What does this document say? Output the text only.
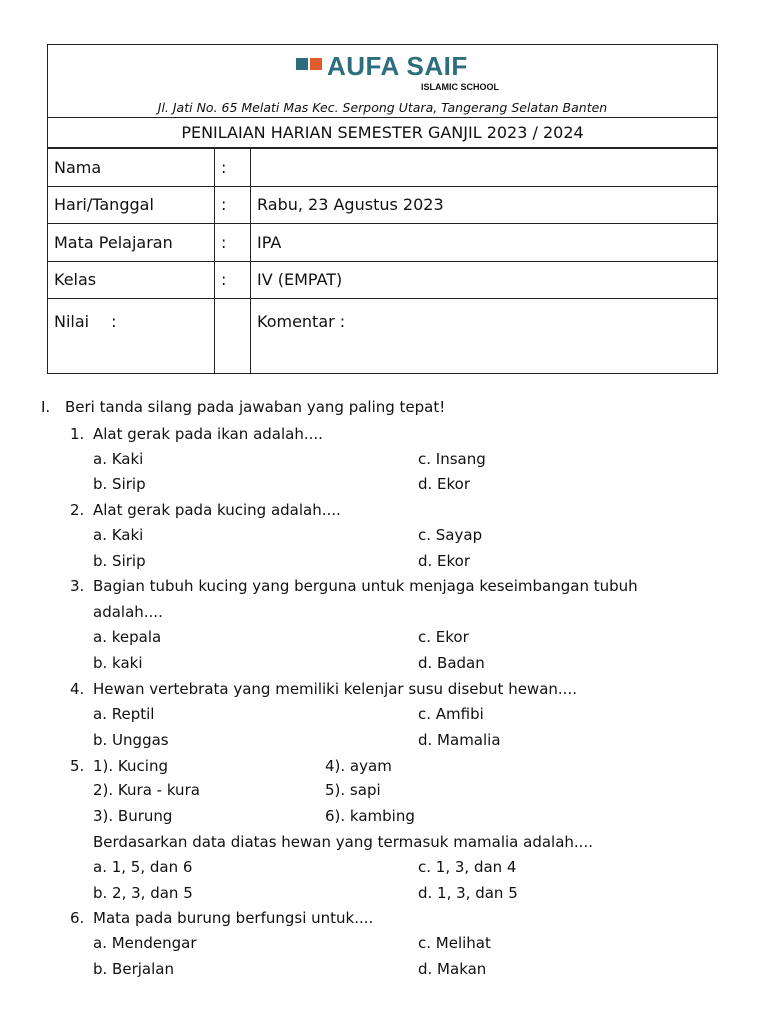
AUFA SAIF
ISLAMIC SCHOOL
Jl. Jati No. 65 Melati Mas Kec. Serpong Utara, Tangerang Selatan Banten
PENILAIAN HARIAN SEMESTER GANJIL 2023 / 2024
Nama	:	
Hari/Tanggal	:	Rabu, 23 Agustus 2023
Mata Pelajaran	:	IPA
Kelas	:	IV (EMPAT)
Nilai :		Komentar :
I. Beri tanda silang pada jawaban yang paling tepat!
1. Alat gerak pada ikan adalah....
a. Kaki	c. Insang
b. Sirip	d. Ekor
2. Alat gerak pada kucing adalah....
a. Kaki	c. Sayap
b. Sirip	d. Ekor
3. Bagian tubuh kucing yang berguna untuk menjaga keseimbangan tubuh
adalah....
a. kepala	c. Ekor
b. kaki	d. Badan
4. Hewan vertebrata yang memiliki kelenjar susu disebut hewan....
a. Reptil	c. Amfibi
b. Unggas	d. Mamalia
5. 1). Kucing	4). ayam
2). Kura - kura	5). sapi
3). Burung	6). kambing
Berdasarkan data diatas hewan yang termasuk mamalia adalah....
a. 1, 5, dan 6	c. 1, 3, dan 4
b. 2, 3, dan 5	d. 1, 3, dan 5
6. Mata pada burung berfungsi untuk....
a. Mendengar	c. Melihat
b. Berjalan	d. Makan
